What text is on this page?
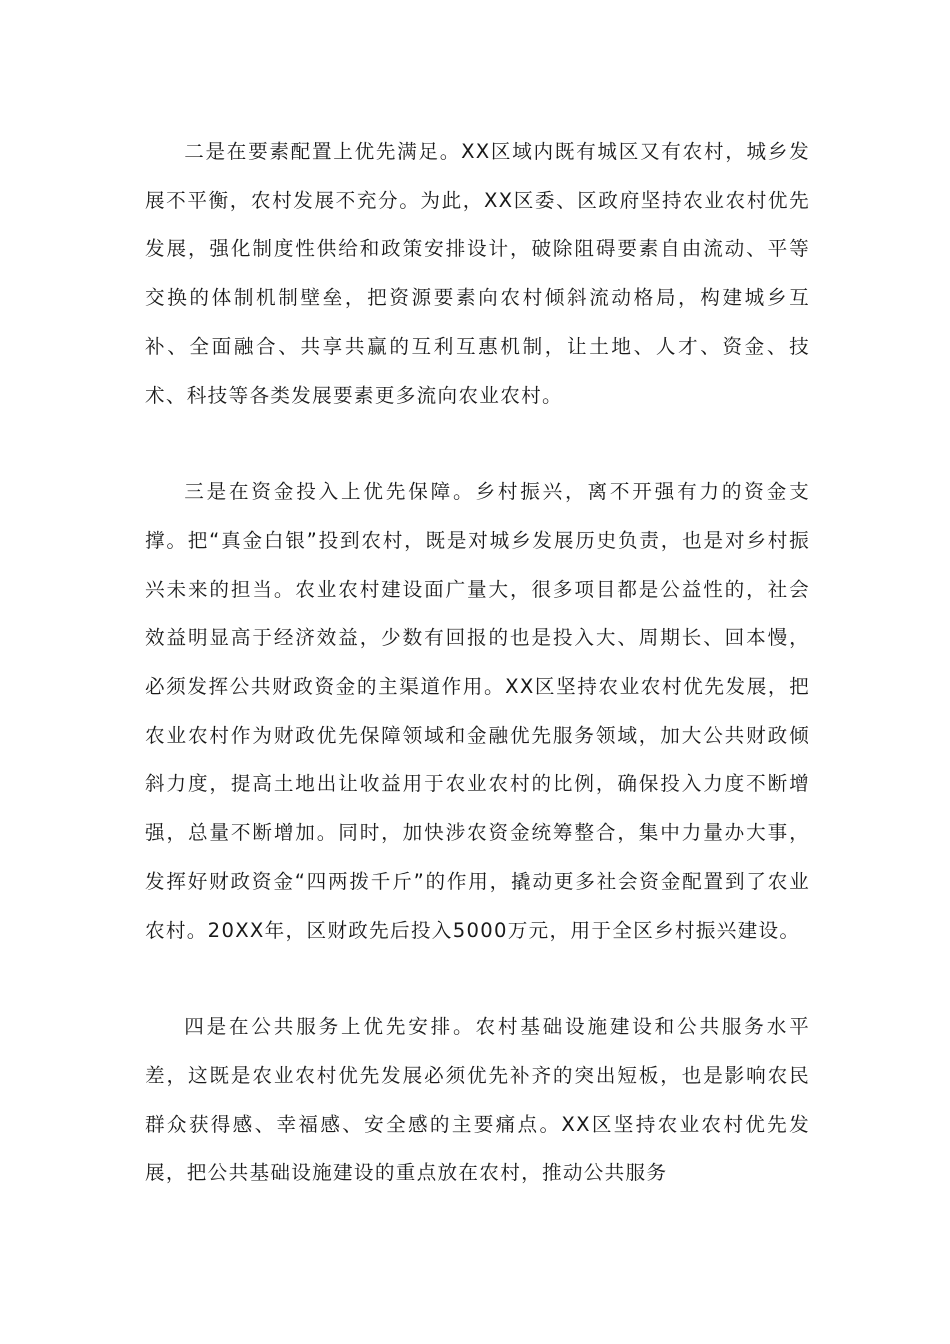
二是在要素配置上优先满足。XX区域内既有城区又有农村，城乡发展不平衡，农村发展不充分。为此，XX区委、区政府坚持农业农村优先发展，强化制度性供给和政策安排设计，破除阻碍要素自由流动、平等交换的体制机制壁垒，把资源要素向农村倾斜流动格局，构建城乡互补、全面融合、共享共赢的互利互惠机制，让土地、人才、资金、技术、科技等各类发展要素更多流向农业农村。

三是在资金投入上优先保障。乡村振兴，离不开强有力的资金支撑。把“真金白银”投到农村，既是对城乡发展历史负责，也是对乡村振兴未来的担当。农业农村建设面广量大，很多项目都是公益性的，社会效益明显高于经济效益，少数有回报的也是投入大、周期长、回本慢，必须发挥公共财政资金的主渠道作用。XX区坚持农业农村优先发展，把农业农村作为财政优先保障领域和金融优先服务领域，加大公共财政倾斜力度，提高土地出让收益用于农业农村的比例，确保投入力度不断增强，总量不断增加。同时，加快涉农资金统筹整合，集中力量办大事，发挥好财政资金“四两拨千斤”的作用，撬动更多社会资金配置到了农业农村。20XX年，区财政先后投入5000万元，用于全区乡村振兴建设。

四是在公共服务上优先安排。农村基础设施建设和公共服务水平差，这既是农业农村优先发展必须优先补齐的突出短板，也是影响农民群众获得感、幸福感、安全感的主要痛点。XX区坚持农业农村优先发展，把公共基础设施建设的重点放在农村，推动公共服务
